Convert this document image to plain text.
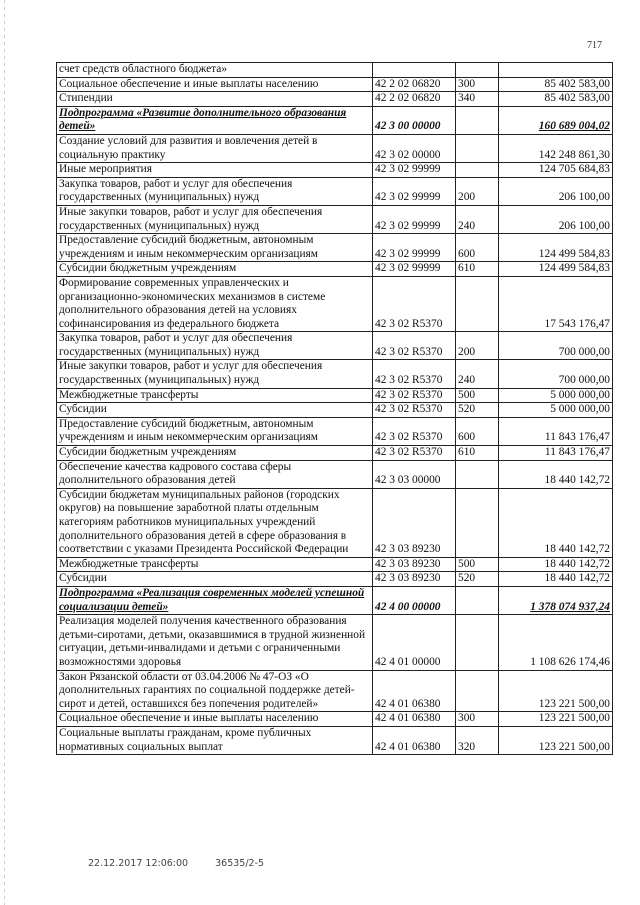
717
счет средств областного бюджета»			
Социальное обеспечение и иные выплаты населению	42 2 02 06820	300	85 402 583,00
Стипендии	42 2 02 06820	340	85 402 583,00
Подпрограмма «Развитие дополнительного образования детей»	42 3 00 00000		160 689 004,02
Создание условий для развития и вовлечения детей в социальную практику	42 3 02 00000		142 248 861,30
Иные мероприятия	42 3 02 99999		124 705 684,83
Закупка товаров, работ и услуг для обеспечения государственных (муниципальных) нужд	42 3 02 99999	200	206 100,00
Иные закупки товаров, работ и услуг для обеспечения государственных (муниципальных) нужд	42 3 02 99999	240	206 100,00
Предоставление субсидий бюджетным, автономным учреждениям и иным некоммерческим организациям	42 3 02 99999	600	124 499 584,83
Субсидии бюджетным учреждениям	42 3 02 99999	610	124 499 584,83
Формирование современных управленческих и организационно-экономических механизмов в системе дополнительного образования детей на условиях софинансирования из федерального бюджета	42 3 02 R5370		17 543 176,47
Закупка товаров, работ и услуг для обеспечения государственных (муниципальных) нужд	42 3 02 R5370	200	700 000,00
Иные закупки товаров, работ и услуг для обеспечения государственных (муниципальных) нужд	42 3 02 R5370	240	700 000,00
Межбюджетные трансферты	42 3 02 R5370	500	5 000 000,00
Субсидии	42 3 02 R5370	520	5 000 000,00
Предоставление субсидий бюджетным, автономным учреждениям и иным некоммерческим организациям	42 3 02 R5370	600	11 843 176,47
Субсидии бюджетным учреждениям	42 3 02 R5370	610	11 843 176,47
Обеспечение качества кадрового состава сферы дополнительного образования детей	42 3 03 00000		18 440 142,72
Субсидии бюджетам муниципальных районов (городских округов) на повышение заработной платы отдельным категориям работников муниципальных учреждений дополнительного образования детей в сфере образования в соответствии с указами Президента Российской Федерации	42 3 03 89230		18 440 142,72
Межбюджетные трансферты	42 3 03 89230	500	18 440 142,72
Субсидии	42 3 03 89230	520	18 440 142,72
Подпрограмма «Реализация современных моделей успешной социализации детей»	42 4 00 00000		1 378 074 937,24
Реализация моделей получения качественного образования детьми-сиротами, детьми, оказавшимися в трудной жизненной ситуации, детьми-инвалидами и детьми с ограниченными возможностями здоровья	42 4 01 00000		1 108 626 174,46
Закон Рязанской области от 03.04.2006 № 47-ОЗ «О дополнительных гарантиях по социальной поддержке детей-сирот и детей, оставшихся без попечения родителей»	42 4 01 06380		123 221 500,00
Социальное обеспечение и иные выплаты населению	42 4 01 06380	300	123 221 500,00
Социальные выплаты гражданам, кроме публичных нормативных социальных выплат	42 4 01 06380	320	123 221 500,00
22.12.2017 12:06:00	36535/2-5
